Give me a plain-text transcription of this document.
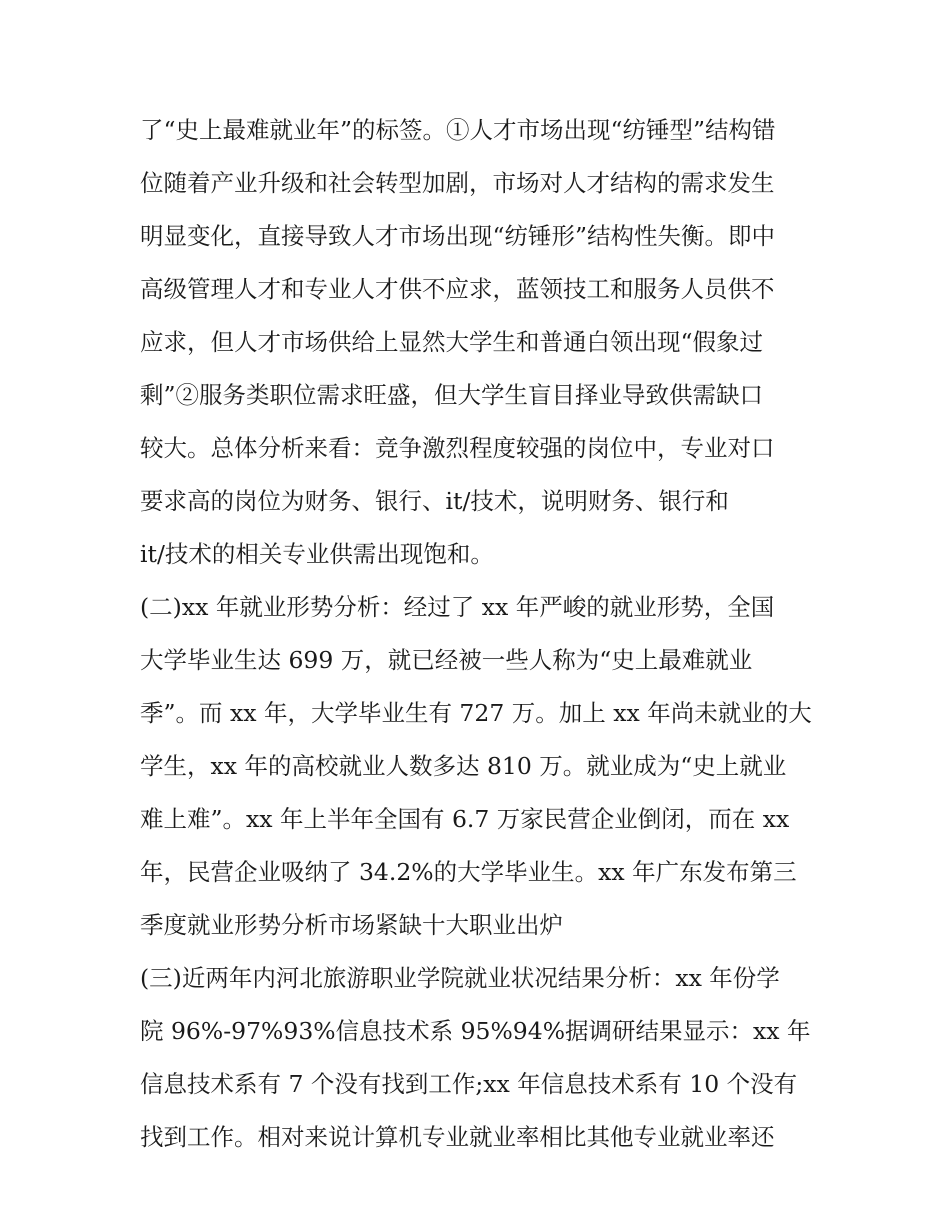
了“史上最难就业年”的标签。①人才市场出现“纺锤型”结构错
位随着产业升级和社会转型加剧，市场对人才结构的需求发生
明显变化，直接导致人才市场出现“纺锤形”结构性失衡。即中
高级管理人才和专业人才供不应求，蓝领技工和服务人员供不
应求，但人才市场供给上显然大学生和普通白领出现“假象过
剩”②服务类职位需求旺盛，但大学生盲目择业导致供需缺口
较大。总体分析来看：竞争激烈程度较强的岗位中，专业对口
要求高的岗位为财务、银行、it/技术，说明财务、银行和
it/技术的相关专业供需出现饱和。
(二)xx 年就业形势分析：经过了 xx 年严峻的就业形势，全国
大学毕业生达 699 万，就已经被一些人称为“史上最难就业
季”。而 xx 年，大学毕业生有 727 万。加上 xx 年尚未就业的大
学生，xx 年的高校就业人数多达 810 万。就业成为“史上就业
难上难”。xx 年上半年全国有 6.7 万家民营企业倒闭，而在 xx
年，民营企业吸纳了 34.2%的大学毕业生。xx 年广东发布第三
季度就业形势分析市场紧缺十大职业出炉
(三)近两年内河北旅游职业学院就业状况结果分析：xx 年份学
院 96%-97%93%信息技术系 95%94%据调研结果显示：xx 年
信息技术系有 7 个没有找到工作;xx 年信息技术系有 10 个没有
找到工作。相对来说计算机专业就业率相比其他专业就业率还
